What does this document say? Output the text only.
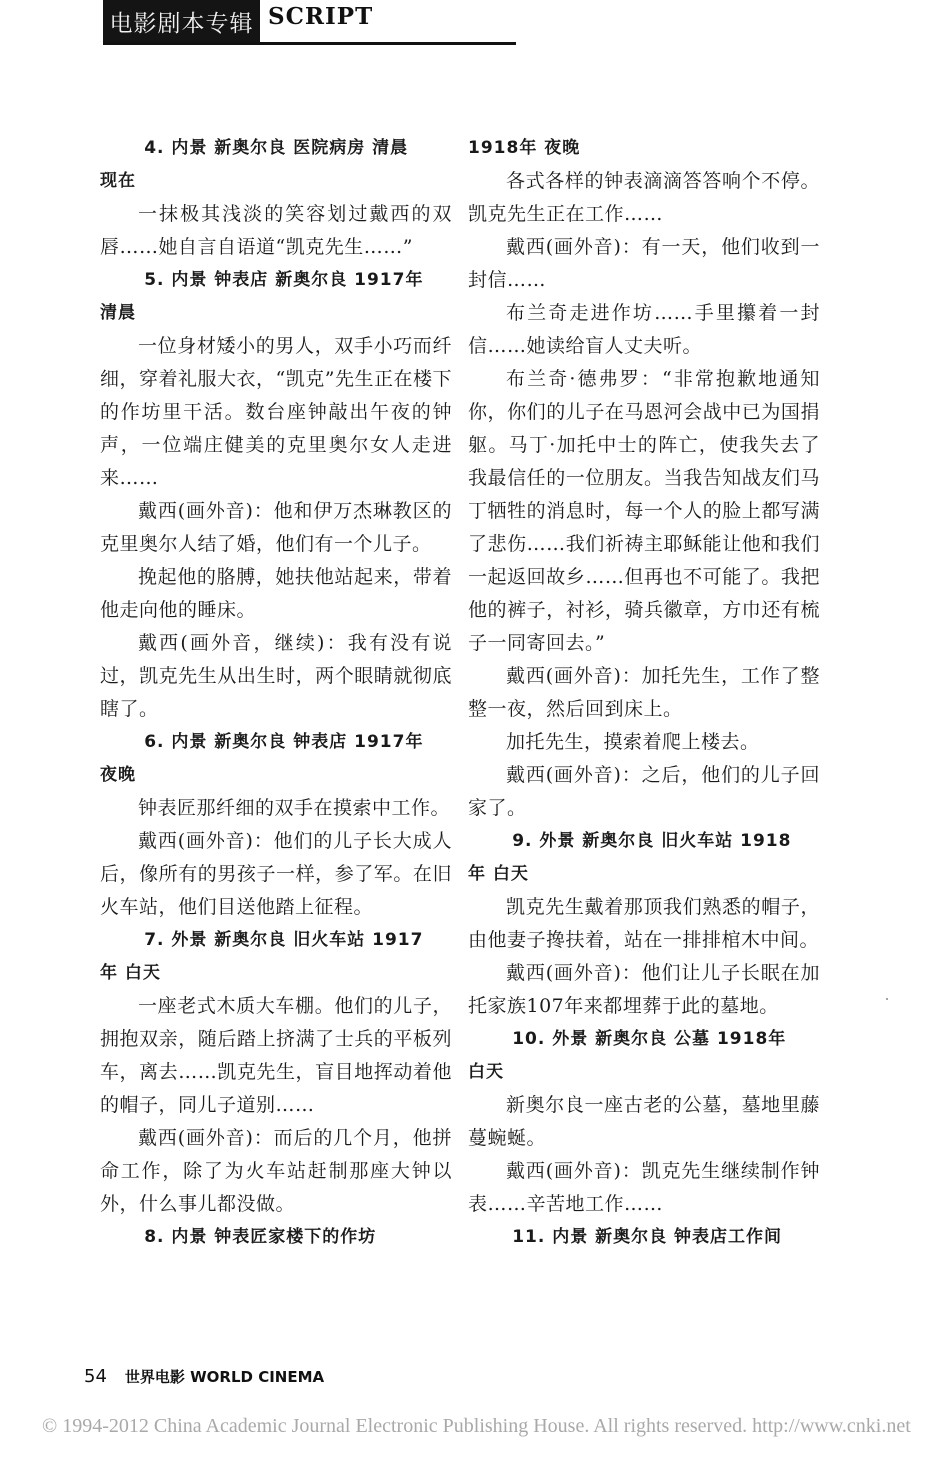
电影剧本专辑 SCRIPT

4. 内景 新奥尔良 医院病房 清晨

现在

一抹极其浅淡的笑容划过戴西的双唇……她自言自语道“凯克先生……”

5. 内景 钟表店 新奥尔良 1917年

清晨

一位身材矮小的男人，双手小巧而纤细，穿着礼服大衣，“凯克”先生正在楼下的作坊里干活。数台座钟敲出午夜的钟声，一位端庄健美的克里奥尔女人走进来……

戴西(画外音)：他和伊万杰琳教区的克里奥尔人结了婚，他们有一个儿子。

挽起他的胳膊，她扶他站起来，带着他走向他的睡床。

戴西(画外音，继续)：我有没有说过，凯克先生从出生时，两个眼睛就彻底瞎了。

6. 内景 新奥尔良 钟表店 1917年

夜晚

钟表匠那纤细的双手在摸索中工作。

戴西(画外音)：他们的儿子长大成人后，像所有的男孩子一样，参了军。在旧火车站，他们目送他踏上征程。

7. 外景 新奥尔良 旧火车站 1917

年 白天

一座老式木质大车棚。他们的儿子，拥抱双亲，随后踏上挤满了士兵的平板列车，离去……凯克先生，盲目地挥动着他的帽子，同儿子道别……

戴西(画外音)：而后的几个月，他拼命工作，除了为火车站赶制那座大钟以外，什么事儿都没做。

8. 内景 钟表匠家楼下的作坊

1918年 夜晚

各式各样的钟表滴滴答答响个不停。凯克先生正在工作……

戴西(画外音)：有一天，他们收到一封信……

布兰奇走进作坊……手里攥着一封信……她读给盲人丈夫听。

布兰奇·德弗罗：“非常抱歉地通知你，你们的儿子在马恩河会战中已为国捐躯。马丁·加托中士的阵亡，使我失去了我最信任的一位朋友。当我告知战友们马丁牺牲的消息时，每一个人的脸上都写满了悲伤……我们祈祷主耶稣能让他和我们一起返回故乡……但再也不可能了。我把他的裤子，衬衫，骑兵徽章，方巾还有梳子一同寄回去。”

戴西(画外音)：加托先生，工作了整整一夜，然后回到床上。

加托先生，摸索着爬上楼去。

戴西(画外音)：之后，他们的儿子回家了。

9. 外景 新奥尔良 旧火车站 1918

年 白天

凯克先生戴着那顶我们熟悉的帽子，由他妻子搀扶着，站在一排排棺木中间。

戴西(画外音)：他们让儿子长眠在加托家族107年来都埋葬于此的墓地。

10. 外景 新奥尔良 公墓 1918年

白天

新奥尔良一座古老的公墓，墓地里藤蔓蜿蜒。

戴西(画外音)：凯克先生继续制作钟表……辛苦地工作……

11. 内景 新奥尔良 钟表店工作间

54 世界电影 WORLD CINEMA
© 1994-2012 China Academic Journal Electronic Publishing House. All rights reserved. http://www.cnki.net
